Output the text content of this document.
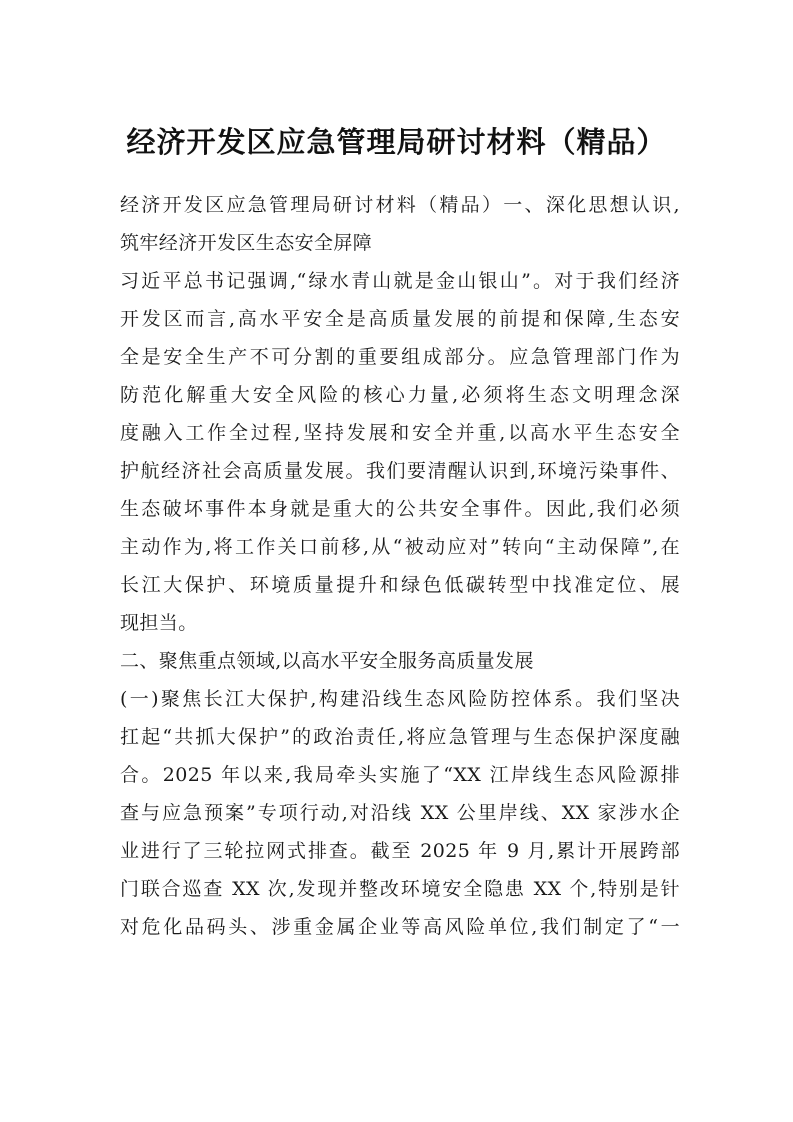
经济开发区应急管理局研讨材料（精品）
经济开发区应急管理局研讨材料（精品）一、深化思想认识,
筑牢经济开发区生态安全屏障
习近平总书记强调,“绿水青山就是金山银山”。对于我们经济
开发区而言,高水平安全是高质量发展的前提和保障,生态安
全是安全生产不可分割的重要组成部分。应急管理部门作为
防范化解重大安全风险的核心力量,必须将生态文明理念深
度融入工作全过程,坚持发展和安全并重,以高水平生态安全
护航经济社会高质量发展。我们要清醒认识到,环境污染事件、
生态破坏事件本身就是重大的公共安全事件。因此,我们必须
主动作为,将工作关口前移,从“被动应对”转向“主动保障”,在
长江大保护、环境质量提升和绿色低碳转型中找准定位、展
现担当。
二、聚焦重点领域,以高水平安全服务高质量发展
(一)聚焦长江大保护,构建沿线生态风险防控体系。我们坚决
扛起“共抓大保护”的政治责任,将应急管理与生态保护深度融
合。2025 年以来,我局牵头实施了“XX 江岸线生态风险源排
查与应急预案”专项行动,对沿线 XX 公里岸线、XX 家涉水企
业进行了三轮拉网式排查。截至 2025 年 9 月,累计开展跨部
门联合巡查 XX 次,发现并整改环境安全隐患 XX 个,特别是针
对危化品码头、涉重金属企业等高风险单位,我们制定了“一
